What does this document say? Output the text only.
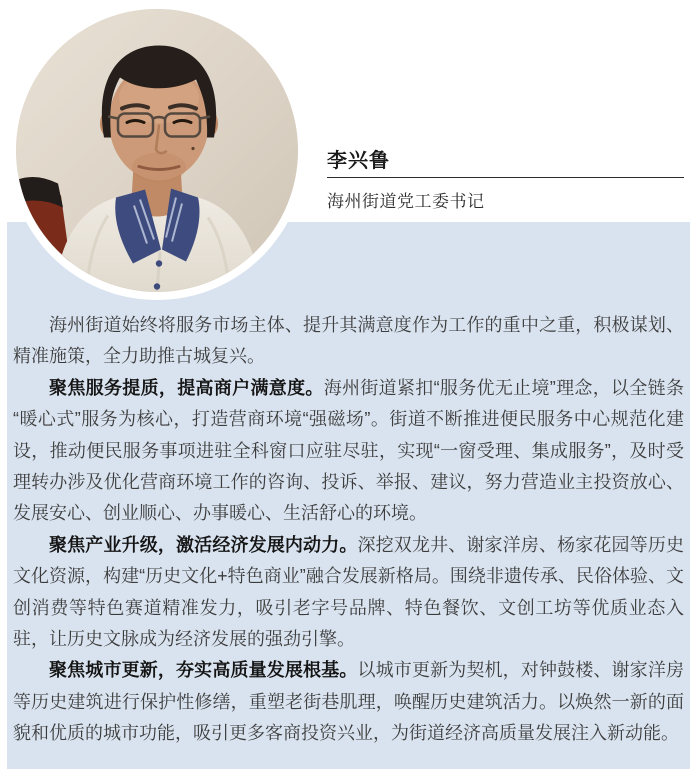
李兴鲁
海州街道党工委书记

海州街道始终将服务市场主体、提升其满意度作为工作的重中之重，积极谋划、精准施策，全力助推古城复兴。

聚焦服务提质，提高商户满意度。海州街道紧扣“服务优无止境”理念，以全链条“暖心式”服务为核心，打造营商环境“强磁场”。街道不断推进便民服务中心规范化建设，推动便民服务事项进驻全科窗口应驻尽驻，实现“一窗受理、集成服务”，及时受理转办涉及优化营商环境工作的咨询、投诉、举报、建议，努力营造业主投资放心、发展安心、创业顺心、办事暖心、生活舒心的环境。

聚焦产业升级，激活经济发展内动力。深挖双龙井、谢家洋房、杨家花园等历史文化资源，构建“历史文化+特色商业”融合发展新格局。围绕非遗传承、民俗体验、文创消费等特色赛道精准发力，吸引老字号品牌、特色餐饮、文创工坊等优质业态入驻，让历史文脉成为经济发展的强劲引擎。

聚焦城市更新，夯实高质量发展根基。以城市更新为契机，对钟鼓楼、谢家洋房等历史建筑进行保护性修缮，重塑老街巷肌理，唤醒历史建筑活力。以焕然一新的面貌和优质的城市功能，吸引更多客商投资兴业，为街道经济高质量发展注入新动能。
